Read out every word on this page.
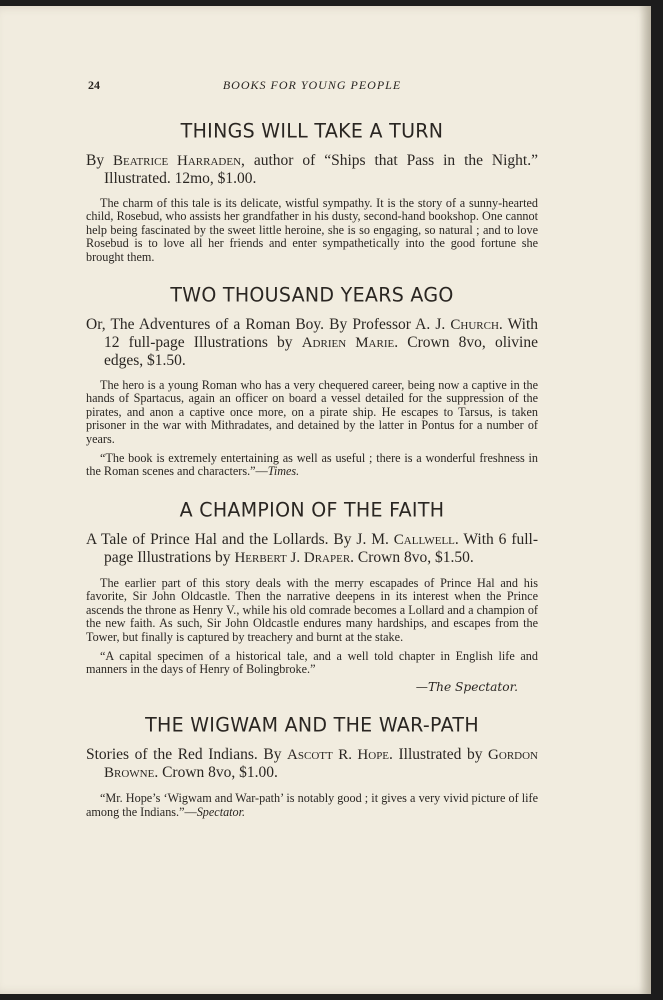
24	BOOKS FOR YOUNG PEOPLE
THINGS WILL TAKE A TURN

By Beatrice Harraden, author of “Ships that Pass in the Night.” Illustrated. 12mo, $1.00.

The charm of this tale is its delicate, wistful sympathy. It is the story of a sunny-hearted child, Rosebud, who assists her grandfather in his dusty, second-hand bookshop. One cannot help being fascinated by the sweet little heroine, she is so engaging, so natural ; and to love Rosebud is to love all her friends and enter sympathetically into the good fortune she brought them.

TWO THOUSAND YEARS AGO

Or, The Adventures of a Roman Boy. By Professor A. J. Church. With 12 full-page Illustrations by Adrien Marie. Crown 8vo, olivine edges, $1.50.

The hero is a young Roman who has a very chequered career, being now a captive in the hands of Spartacus, again an officer on board a vessel detailed for the suppression of the pirates, and anon a captive once more, on a pirate ship. He escapes to Tarsus, is taken prisoner in the war with Mithradates, and detained by the latter in Pontus for a number of years.

“The book is extremely entertaining as well as useful ; there is a wonderful freshness in the Roman scenes and characters.”—Times.

A CHAMPION OF THE FAITH

A Tale of Prince Hal and the Lollards. By J. M. Callwell. With 6 full-page Illustrations by Herbert J. Draper. Crown 8vo, $1.50.

The earlier part of this story deals with the merry escapades of Prince Hal and his favorite, Sir John Oldcastle. Then the narrative deepens in its interest when the Prince ascends the throne as Henry V., while his old comrade becomes a Lollard and a champion of the new faith. As such, Sir John Oldcastle endures many hardships, and escapes from the Tower, but finally is captured by treachery and burnt at the stake.

“A capital specimen of a historical tale, and a well told chapter in English life and manners in the days of Henry of Bolingbroke.”

—The Spectator.

THE WIGWAM AND THE WAR-PATH

Stories of the Red Indians. By Ascott R. Hope. Illustrated by Gordon Browne. Crown 8vo, $1.00.

“Mr. Hope’s ‘Wigwam and War-path’ is notably good ; it gives a very vivid picture of life among the Indians.”—Spectator.
